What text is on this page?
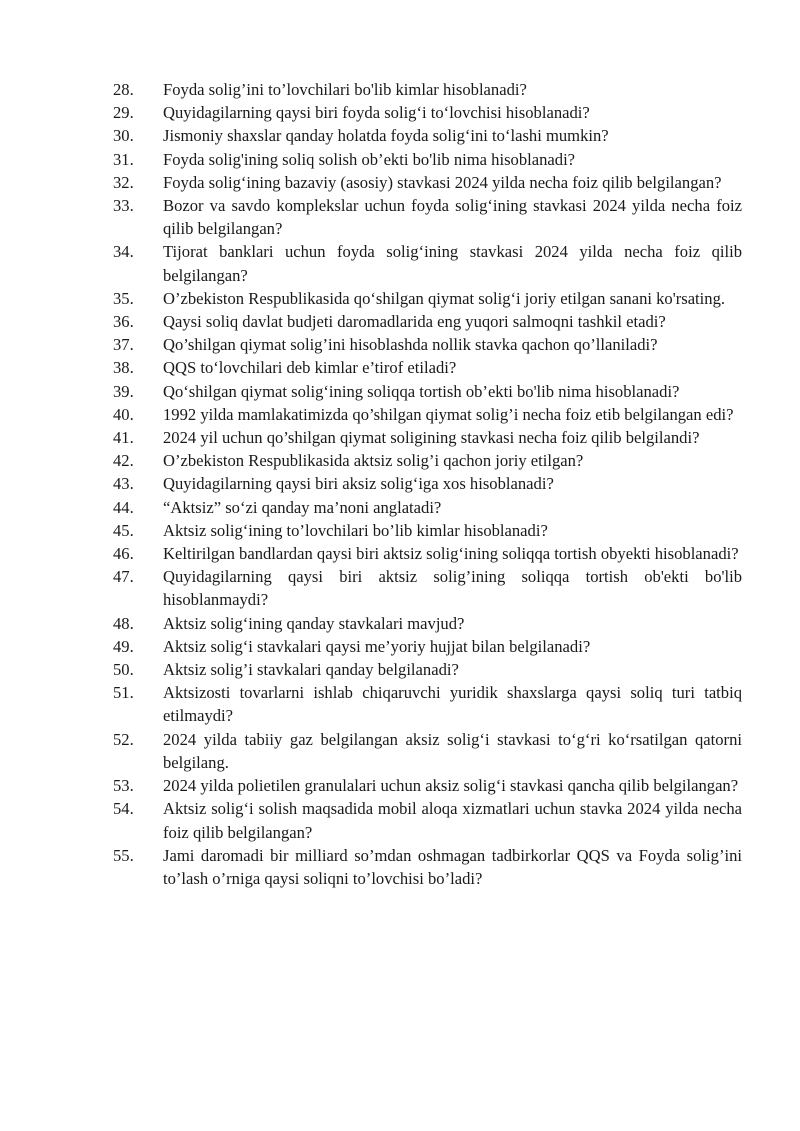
28.	Foyda solig’ini to’lovchilari bo'lib kimlar hisoblanadi?
29.	Quyidagilarning qaysi biri foyda solig‘i to‘lovchisi hisoblanadi?
30.	Jismoniy shaxslar qanday holatda foyda solig‘ini to‘lashi mumkin?
31.	Foyda solig'ining soliq solish ob’ekti bo'lib nima hisoblanadi?
32.	Foyda solig‘ining bazaviy (asosiy) stavkasi 2024 yilda necha foiz qilib belgilangan?
33.	Bozor va savdo komplekslar uchun foyda solig‘ining stavkasi 2024 yilda necha foiz qilib belgilangan?
34.	Tijorat banklari uchun foyda solig‘ining stavkasi 2024 yilda necha foiz qilib belgilangan?
35.	O’zbekiston Respublikasida qo‘shilgan qiymat solig‘i joriy etilgan sanani ko'rsating.
36.	Qaysi soliq davlat budjeti daromadlarida eng yuqori salmoqni tashkil etadi?
37.	Qo’shilgan qiymat solig’ini hisoblashda nollik stavka qachon qo’llaniladi?
38.	QQS to‘lovchilari deb kimlar e’tirof etiladi?
39.	Qo‘shilgan qiymat solig‘ining soliqqa tortish ob’ekti bo'lib nima hisoblanadi?
40.	1992 yilda mamlakatimizda qo’shilgan qiymat solig’i necha foiz etib belgilangan edi?
41.	2024 yil uchun qo’shilgan qiymat soligining stavkasi necha foiz qilib belgilandi?
42.	O’zbekiston Respublikasida aktsiz solig’i qachon joriy etilgan?
43.	Quyidagilarning qaysi biri aksiz solig‘iga xos hisoblanadi?
44.	“Aktsiz” so‘zi qanday ma’noni anglatadi?
45.	Aktsiz solig‘ining to’lovchilari bo’lib kimlar hisoblanadi?
46.	Keltirilgan bandlardan qaysi biri aktsiz solig‘ining soliqqa tortish obyekti hisoblanadi?
47.	Quyidagilarning qaysi biri aktsiz solig’ining soliqqa tortish ob'ekti bo'lib hisoblanmaydi?
48.	Aktsiz solig‘ining qanday stavkalari mavjud?
49.	Aktsiz solig‘i stavkalari qaysi me’yoriy hujjat bilan belgilanadi?
50.	Aktsiz solig’i stavkalari qanday belgilanadi?
51.	Aktsizosti tovarlarni ishlab chiqaruvchi yuridik shaxslarga qaysi soliq turi tatbiq etilmaydi?
52.	2024 yilda tabiiy gaz belgilangan aksiz solig‘i stavkasi to‘g‘ri ko‘rsatilgan qatorni belgilang.
53.	2024 yilda polietilen granulalari uchun aksiz solig‘i stavkasi qancha qilib belgilangan?
54.	Aktsiz solig‘i solish maqsadida mobil aloqa xizmatlari uchun stavka 2024 yilda necha foiz qilib belgilangan?
55.	Jami daromadi bir milliard so’mdan oshmagan tadbirkorlar QQS va Foyda solig’ini to’lash o’rniga qaysi soliqni to’lovchisi bo’ladi?
